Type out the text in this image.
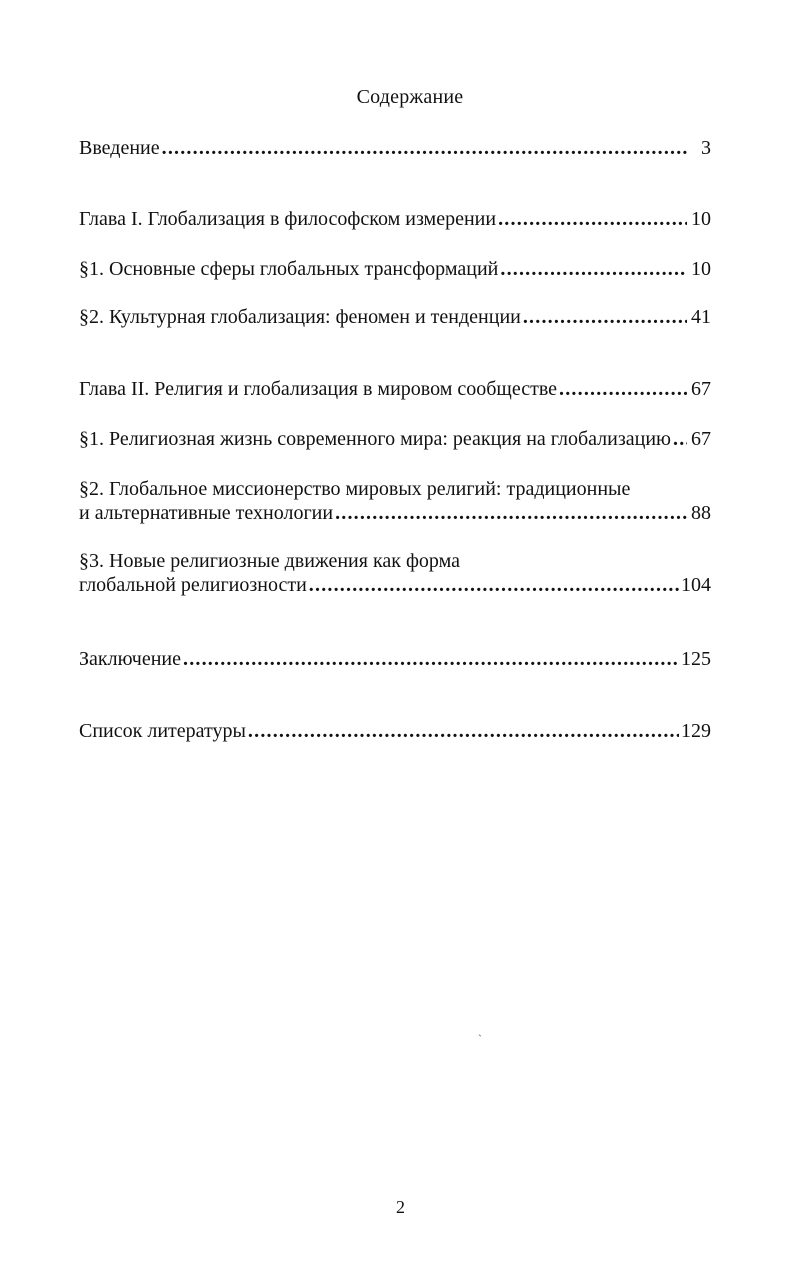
Содержание
Введение .....	3
Глава I. Глобализация в философском измерении .....	10
§1. Основные сферы глобальных трансформаций .....	10
§2. Культурная глобализация: феномен и тенденции .....	41
Глава II. Религия и глобализация в мировом сообществе .....	67
§1. Религиозная жизнь современного мира: реакция на глобализацию ..... 67
§2. Глобальное миссионерство мировых религий: традиционные
и альтернативные технологии .....	88
§3. Новые религиозные движения как форма
глобальной религиозности .....	104
Заключение .....	125
Список литературы .....	129
`
2
